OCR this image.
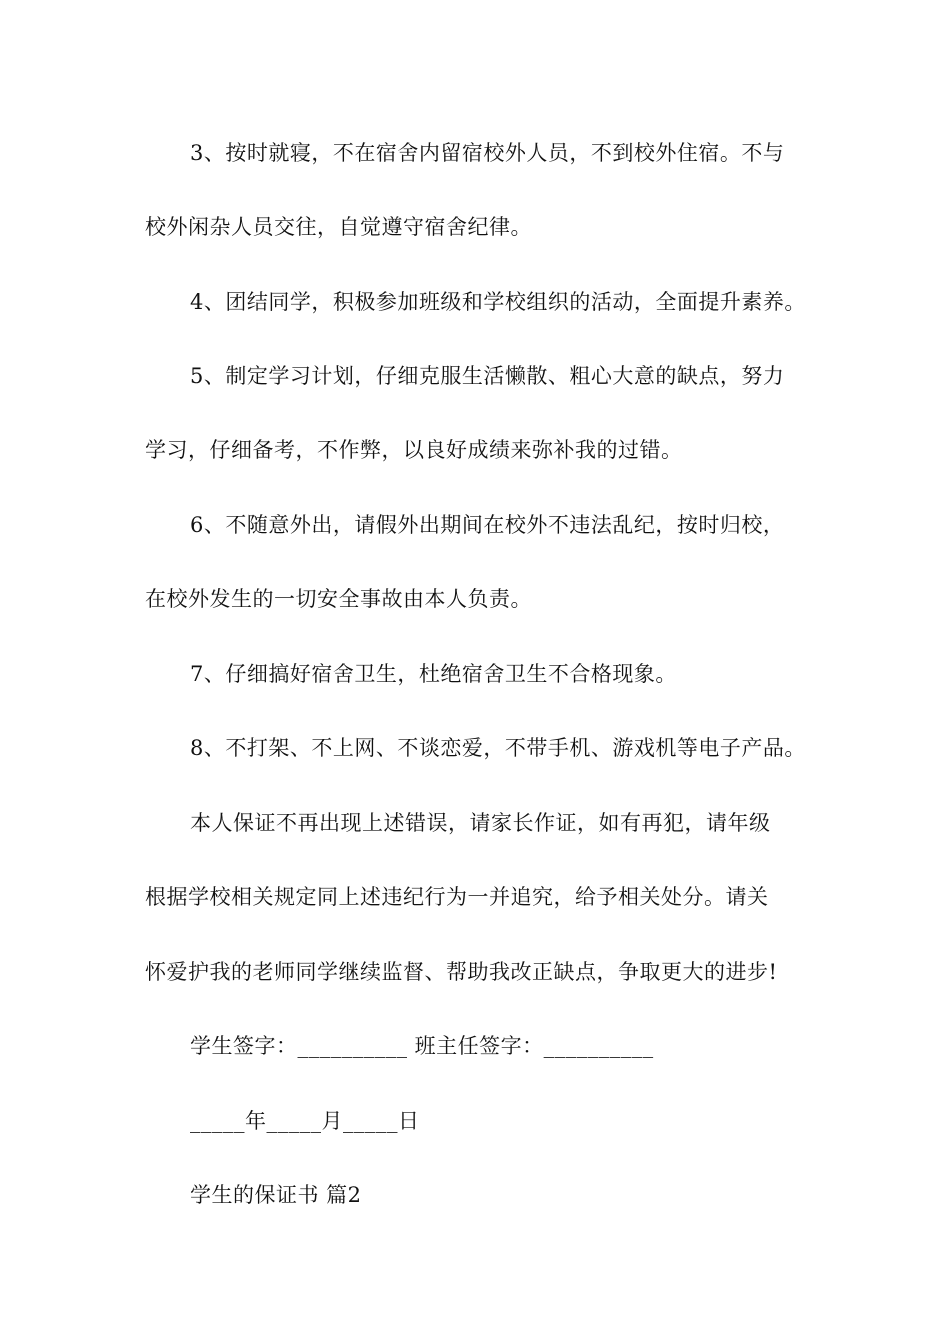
3、按时就寝，不在宿舍内留宿校外人员，不到校外住宿。不与
校外闲杂人员交往，自觉遵守宿舍纪律。
4、团结同学，积极参加班级和学校组织的活动，全面提升素养。
5、制定学习计划，仔细克服生活懒散、粗心大意的缺点，努力
学习，仔细备考，不作弊，以良好成绩来弥补我的过错。
6、不随意外出，请假外出期间在校外不违法乱纪，按时归校，
在校外发生的一切安全事故由本人负责。
7、仔细搞好宿舍卫生，杜绝宿舍卫生不合格现象。
8、不打架、不上网、不谈恋爱，不带手机、游戏机等电子产品。
本人保证不再出现上述错误，请家长作证，如有再犯，请年级
根据学校相关规定同上述违纪行为一并追究，给予相关处分。请关
怀爱护我的老师同学继续监督、帮助我改正缺点，争取更大的进步!
学生签字：__________ 班主任签字：__________
_____年_____月_____日
学生的保证书 篇2
